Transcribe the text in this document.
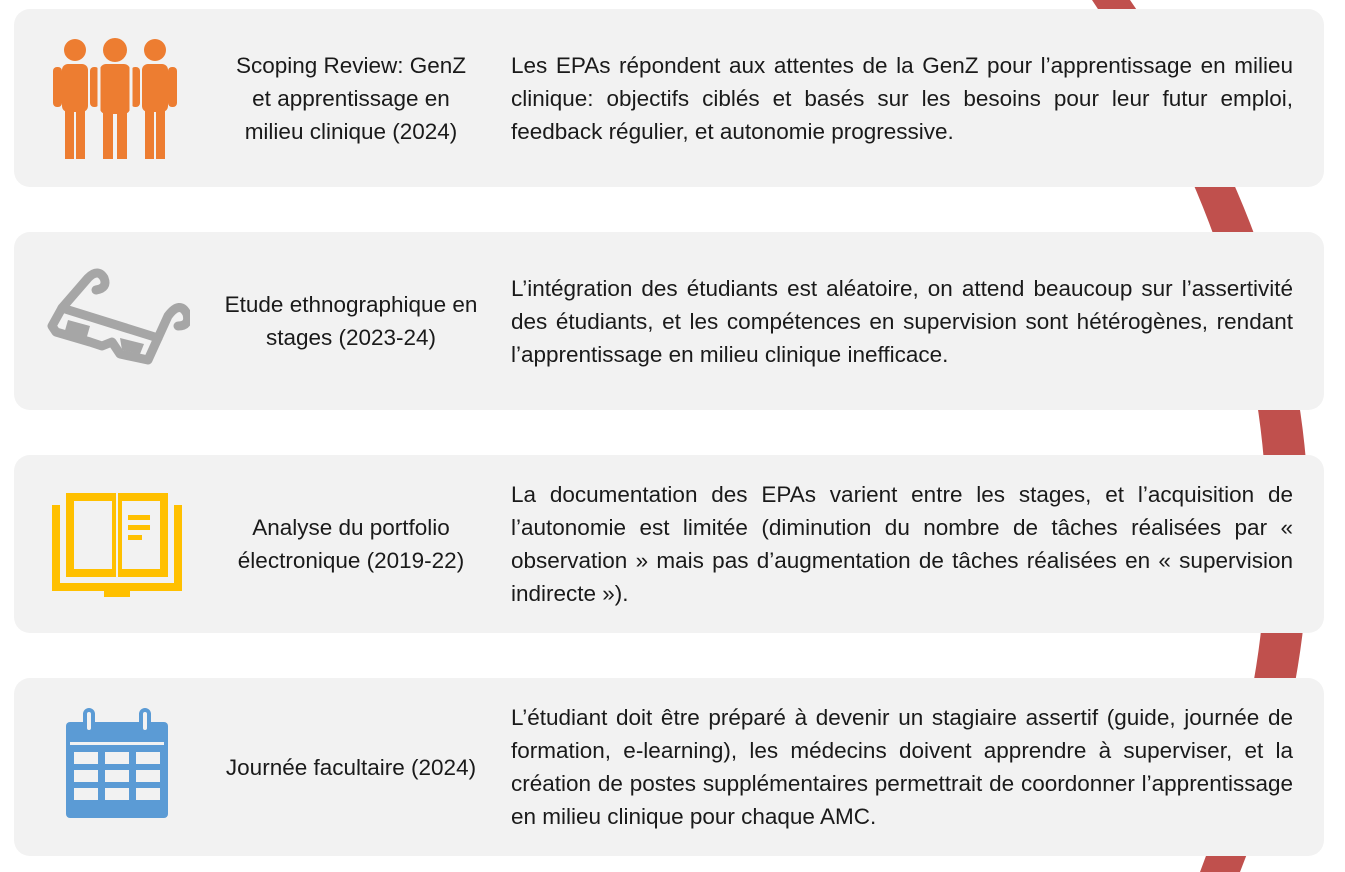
Scoping Review: GenZ et apprentissage en milieu clinique (2024)

Les EPAs répondent aux attentes de la GenZ pour l’apprentissage en milieu clinique: objectifs ciblés et basés sur les besoins pour leur futur emploi, feedback régulier, et autonomie progressive.

Etude ethnographique en stages (2023-24)

L’intégration des étudiants est aléatoire, on attend beaucoup sur l’assertivité des étudiants, et les compétences en supervision sont hétérogènes, rendant l’apprentissage en milieu clinique inefficace.

Analyse du portfolio électronique (2019-22)

La documentation des EPAs varient entre les stages, et l’acquisition de l’autonomie est limitée (diminution du nombre de tâches réalisées par « observation » mais pas d’augmentation de tâches réalisées en « supervision indirecte »).

Journée facultaire (2024)

L’étudiant doit être préparé à devenir un stagiaire assertif (guide, journée de formation, e-learning), les médecins doivent apprendre à superviser, et la création de postes supplémentaires permettrait de coordonner l’apprentissage en milieu clinique pour chaque AMC.
